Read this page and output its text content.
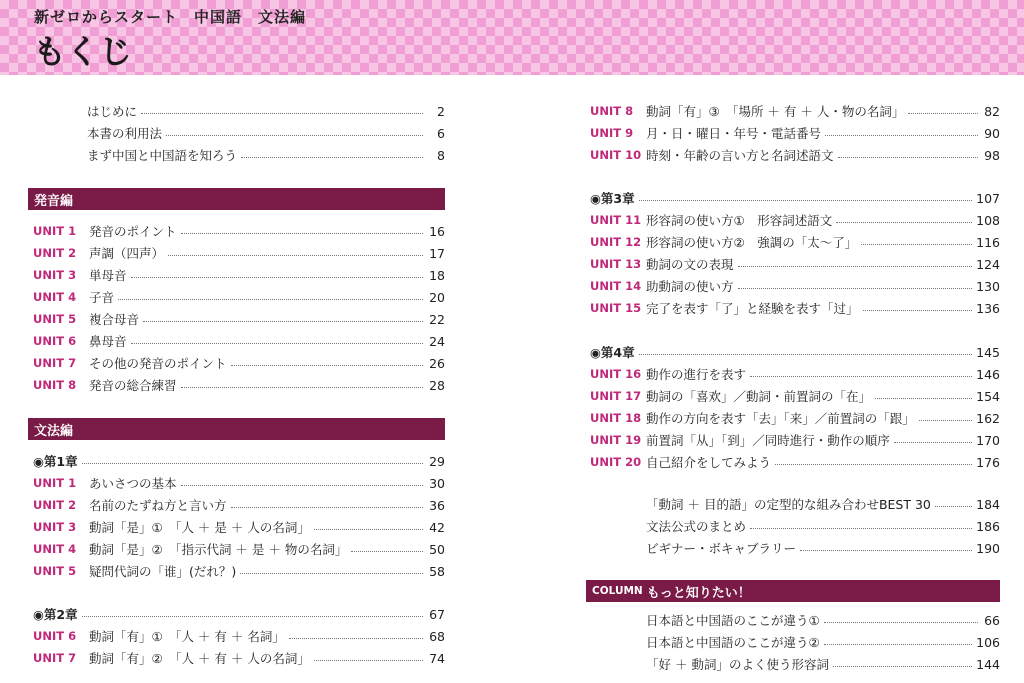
新ゼロからスタート　中国語　文法編
もくじ
はじめに	2
本書の利用法	6
まず中国と中国語を知ろう	8
発音編
UNIT 1	発音のポイント	16
UNIT 2	声調（四声）	17
UNIT 3	単母音	18
UNIT 4	子音	20
UNIT 5	複合母音	22
UNIT 6	鼻母音	24
UNIT 7	その他の発音のポイント	26
UNIT 8	発音の総合練習	28
文法編
◉第1章	29
UNIT 1	あいさつの基本	30
UNIT 2	名前のたずね方と言い方	36
UNIT 3	動詞「是」①　「人 ＋ 是 ＋ 人の名詞」	42
UNIT 4	動詞「是」②　「指示代詞 ＋ 是 ＋ 物の名詞」	50
UNIT 5	疑問代詞の「谁」(だれ？)	58
◉第2章	67
UNIT 6	動詞「有」①　「人 ＋ 有 ＋ 名詞」	68
UNIT 7	動詞「有」②　「人 ＋ 有 ＋ 人の名詞」	74
UNIT 8	動詞「有」③　「場所 ＋ 有 ＋ 人・物の名詞」	82
UNIT 9	月・日・曜日・年号・電話番号	90
UNIT 10 時刻・年齢の言い方と名詞述語文	98
◉第3章	107
UNIT 11 形容詞の使い方①　形容詞述語文	108
UNIT 12 形容詞の使い方②　強調の「太〜了」	116
UNIT 13 動詞の文の表現	124
UNIT 14 助動詞の使い方	130
UNIT 15 完了を表す「了」と経験を表す「过」	136
◉第4章	145
UNIT 16 動作の進行を表す	146
UNIT 17 動詞の「喜欢」／動詞・前置詞の「在」	154
UNIT 18 動作の方向を表す「去」「来」／前置詞の「跟」	162
UNIT 19 前置詞「从」「到」／同時進行・動作の順序	170
UNIT 20 自己紹介をしてみよう	176
「動詞 ＋ 目的語」の定型的な組み合わせBEST 30	184
文法公式のまとめ	186
ビギナー・ボキャブラリー	190
COLUMN もっと知りたい！
日本語と中国語のここが違う①	66
日本語と中国語のここが違う②	106
「好 ＋ 動詞」のよく使う形容詞	144
